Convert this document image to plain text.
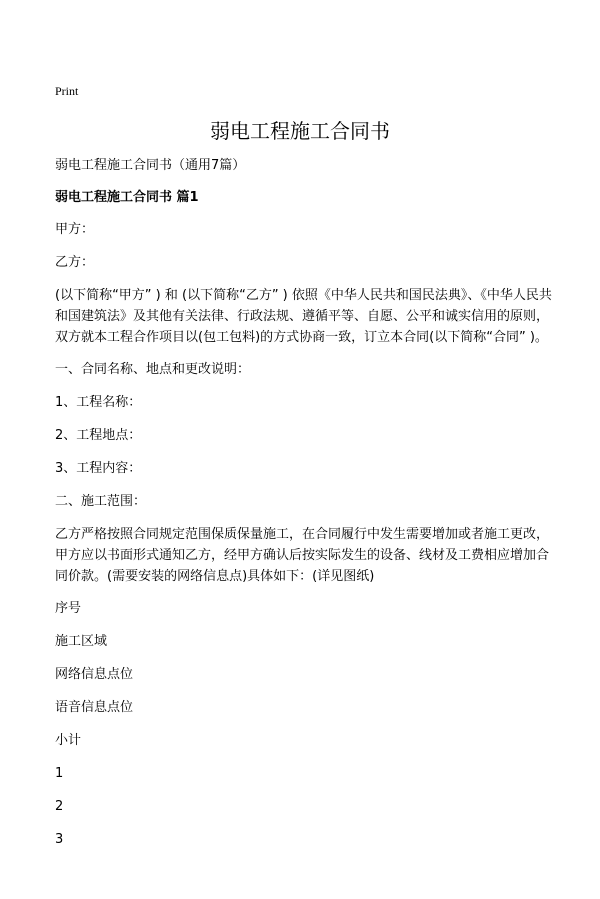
Print
弱电工程施工合同书
弱电工程施工合同书（通用7篇）
弱电工程施工合同书 篇1

甲方：

乙方：

(以下简称“甲方” ) 和 (以下简称“乙方” ) 依照《中华人民共和国民法典》、《中华人民共和国建筑法》及其他有关法律、行政法规、遵循平等、自愿、公平和诚实信用的原则，双方就本工程合作项目以(包工包料)的方式协商一致，订立本合同(以下简称“合同” )。

一、合同名称、地点和更改说明：

1、工程名称：

2、工程地点：

3、工程内容：

二、施工范围：

乙方严格按照合同规定范围保质保量施工，在合同履行中发生需要增加或者施工更改，甲方应以书面形式通知乙方，经甲方确认后按实际发生的设备、线材及工费相应增加合同价款。(需要安装的网络信息点)具体如下：(详见图纸)

序号

施工区域

网络信息点位

语音信息点位

小计

1

2

3
